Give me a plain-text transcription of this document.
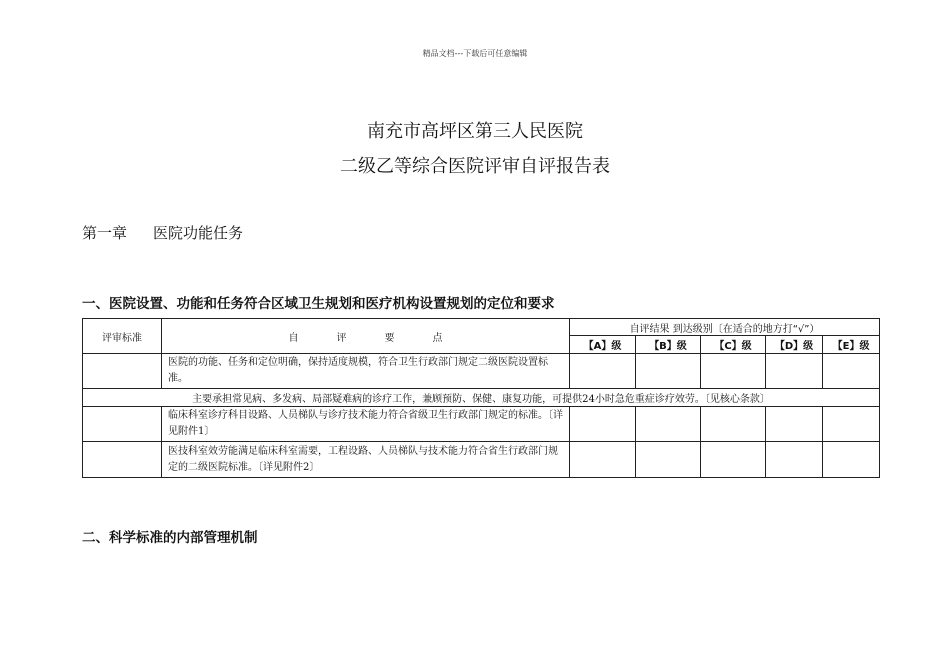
精品文档---下载后可任意编辑
南充市高坪区第三人民医院
二级乙等综合医院评审自评报告表
第一章 医院功能任务
一、医院设置、功能和任务符合区域卫生规划和医疗机构设置规划的定位和要求
评审标准	自评要点	自评结果 到达级别〔在适合的地方打“√”）				
		【A】级	【B】级	【C】级	【D】级	【E】级
	医院的功能、任务和定位明确，保持适度规模，符合卫生行政部门规定二级医院设置标准。					
主要承担常见病、多发病、局部疑难病的诊疗工作，兼顾预防、保健、康复功能，可提供24小时急危重症诊疗效劳。〔见核心条款〕						
	临床科室诊疗科目设路、人员梯队与诊疗技术能力符合省级卫生行政部门规定的标准。〔详见附件1〕					
	医技科室效劳能满足临床科室需要，工程设路、人员梯队与技术能力符合省生行政部门规定的二级医院标准。〔详见附件2〕					
二、科学标准的内部管理机制
